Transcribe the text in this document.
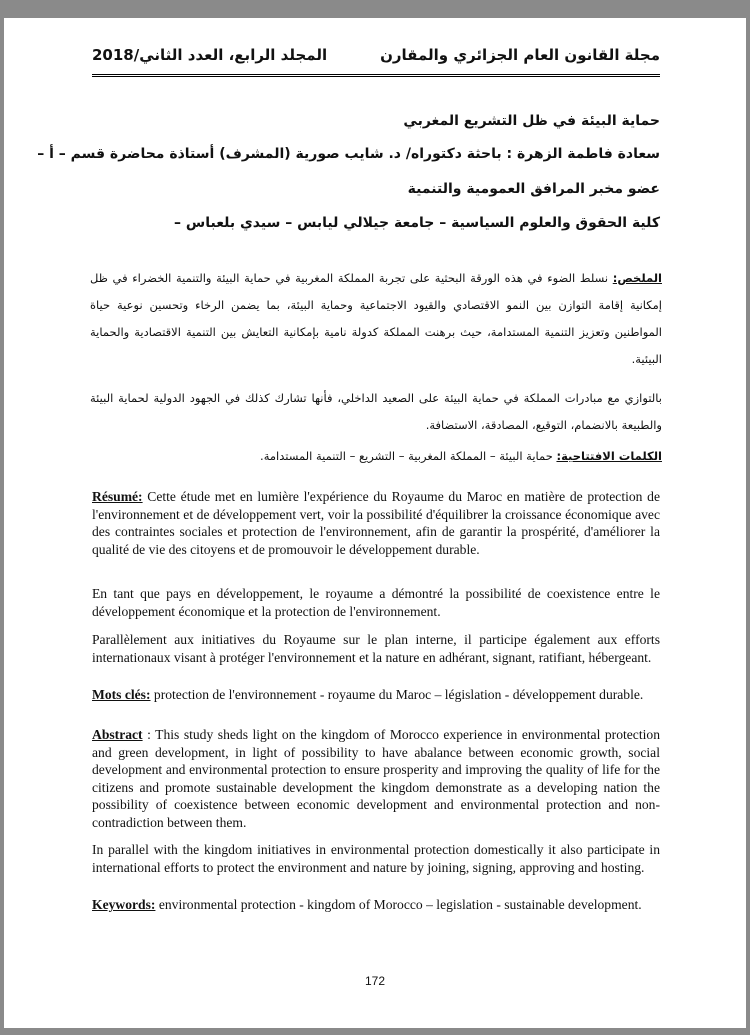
المجلد الرابع، العدد الثاني/2018	مجلة القانون العام الجزائري والمقارن
حماية البيئة في ظل التشريع المغربي
سعادة فاطمة الزهرة : باحثة دكتوراه/ د. شايب صورية (المشرف) أستاذة محاضرة قسم – أ –
عضو مخبر المرافق العمومية والتنمية
كلية الحقوق والعلوم السياسية – جامعة جيلالي ليابس – سيدي بلعباس –
الملخص: نسلط الضوء في هذه الورقة البحثية على تجربة المملكة المغربية في حماية البيئة والتنمية الخضراء في ظل إمكانية إقامة التوازن بين النمو الاقتصادي والقيود الاجتماعية وحماية البيئة، بما يضمن الرخاء وتحسين نوعية حياة المواطنين وتعزيز التنمية المستدامة، حيث برهنت المملكة كدولة نامية بإمكانية التعايش بين التنمية الاقتصادية والحماية البيئية.
بالتوازي مع مبادرات المملكة في حماية البيئة على الصعيد الداخلي، فأنها تشارك كذلك في الجهود الدولية لحماية البيئة والطبيعة بالانضمام، التوقيع، المصادقة، الاستضافة.
الكلمات الافتتاحية: حماية البيئة – المملكة المغربية – التشريع – التنمية المستدامة.
Résumé: Cette étude met en lumière l'expérience du Royaume du Maroc en matière de protection de l'environnement et de développement vert, voir la possibilité d'équilibrer la croissance économique avec des contraintes sociales et protection de l'environnement, afin de garantir la prospérité, d'améliorer la qualité de vie des citoyens et de promouvoir le développement durable.
En tant que pays en développement, le royaume a démontré la possibilité de coexistence entre le développement économique et la protection de l'environnement.
Parallèlement aux initiatives du Royaume sur le plan interne, il participe également aux efforts internationaux visant à protéger l'environnement et la nature en adhérant, signant, ratifiant, hébergeant.
Mots clés: protection de l'environnement - royaume du Maroc – législation - développement durable.
Abstract : This study sheds light on the kingdom of Morocco experience in environmental protection and green development, in light of possibility to have abalance between economic growth, social development and environmental protection to ensure prosperity and improving the quality of life for the citizens and promote sustainable development the kingdom demonstrate as a developing nation the possibility of coexistence between economic development and environmental protection and non-contradiction between them.
In parallel with the kingdom initiatives in environmental protection domestically it also participate in international efforts to protect the environment and nature by joining, signing, approving and hosting.
Keywords: environmental protection - kingdom of Morocco – legislation - sustainable development.
172
